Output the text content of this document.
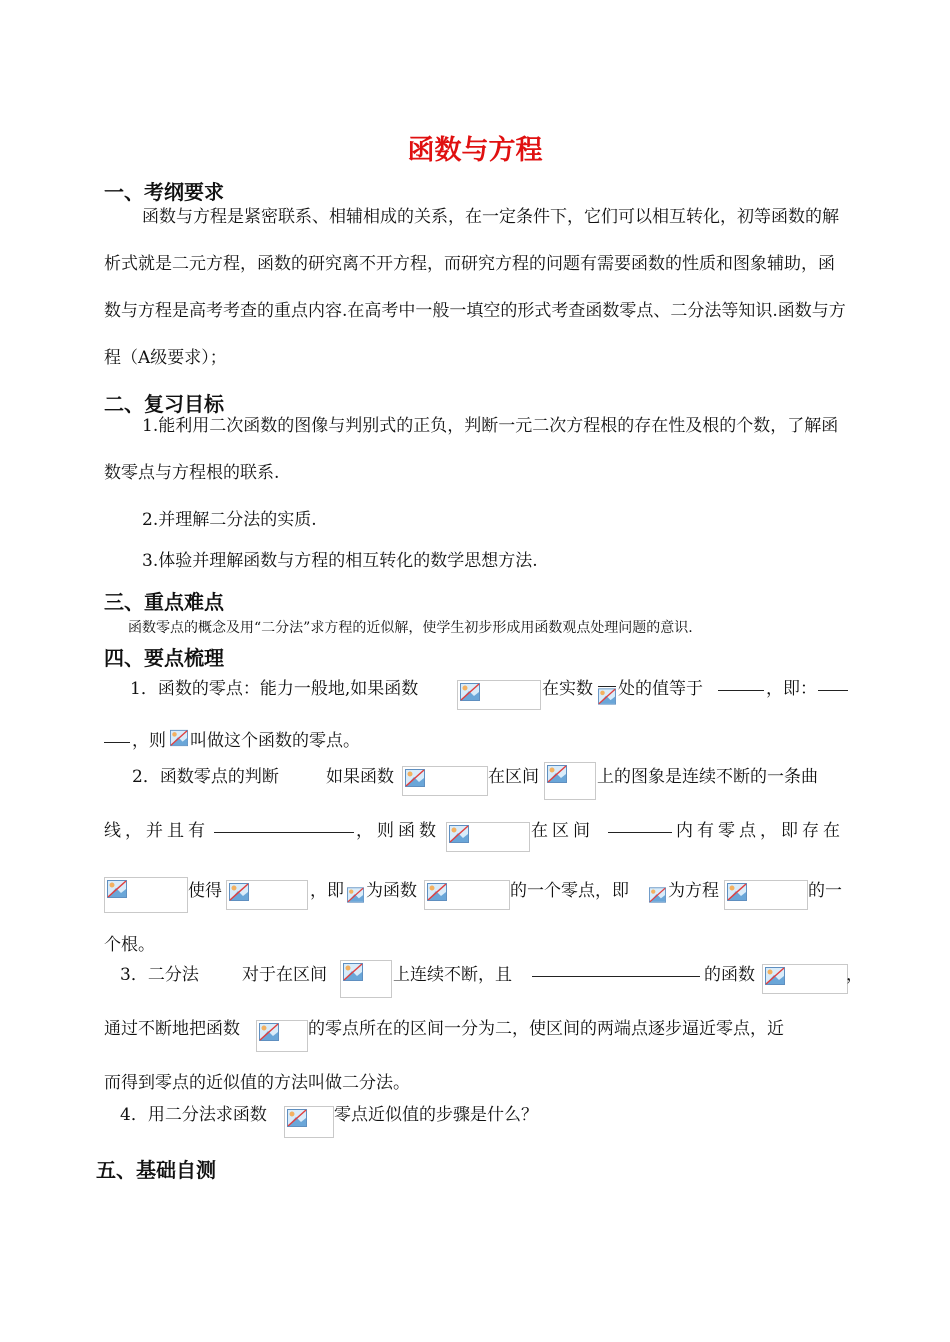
函数与方程
一、考纲要求
函数与方程是紧密联系、相辅相成的关系，在一定条件下，它们可以相互转化，初等函数的解析式就是二元方程，函数的研究离不开方程，而研究方程的问题有需要函数的性质和图象辅助，函数与方程是高考考查的重点内容.在高考中一般一填空的形式考查函数零点、二分法等知识.函数与方程（A级要求）；
二、复习目标
1.能利用二次函数的图像与判别式的正负，判断一元二次方程根的存在性及根的个数，了解函数零点与方程根的联系.
2.并理解二分法的实质.
3.体验并理解函数与方程的相互转化的数学思想方法.
三、重点难点
函数零点的概念及用“二分法”求方程的近似解，使学生初步形成用函数观点处理问题的意识.
四、要点梳理
1．函数的零点：能力一般地,如果函数	在实数 处的值等于	，即：
，则 叫做这个函数的零点。
2．函数零点的判断	如果函数	在区间	上的图象是连续不断的一条曲
线，并且有	，则函数	在区间	内有零点，即存在
使得	，即 为函数	的一个零点，即 为方程	的一
个根。
3．二分法	对于在区间	上连续不断，且	的函数	，
通过不断地把函数	的零点所在的区间一分为二，使区间的两端点逐步逼近零点，近
而得到零点的近似值的方法叫做二分法。
4．用二分法求函数	零点近似值的步骤是什么？
五、基础自测
